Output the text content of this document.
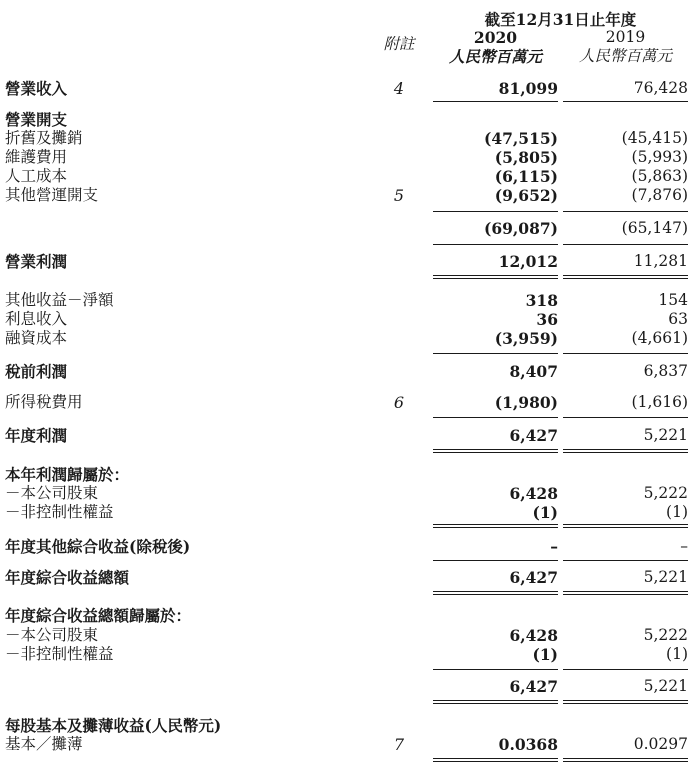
截至12月31日止年度
附註	2020	2019
人民幣百萬元	人民幣百萬元
營業收入	4	81,099	76,428
營業開支
折舊及攤銷	(47,515)	(45,415)
維護費用	(5,805)	(5,993)
人工成本	(6,115)	(5,863)
其他營運開支	5	(9,652)	(7,876)
(69,087)	(65,147)
營業利潤	12,012	11,281
其他收益－淨額	318	154
利息收入	36	63
融資成本	(3,959)	(4,661)
稅前利潤	8,407	6,837
所得稅費用	6	(1,980)	(1,616)
年度利潤	6,427	5,221
本年利潤歸屬於：
－本公司股東	6,428	5,222
－非控制性權益	(1)	(1)
年度其他綜合收益(除稅後)	–	–
年度綜合收益總額	6,427	5,221
年度綜合收益總額歸屬於：
－本公司股東	6,428	5,222
－非控制性權益	(1)	(1)
6,427	5,221
每股基本及攤薄收益(人民幣元)
基本／攤薄	7	0.0368	0.0297
